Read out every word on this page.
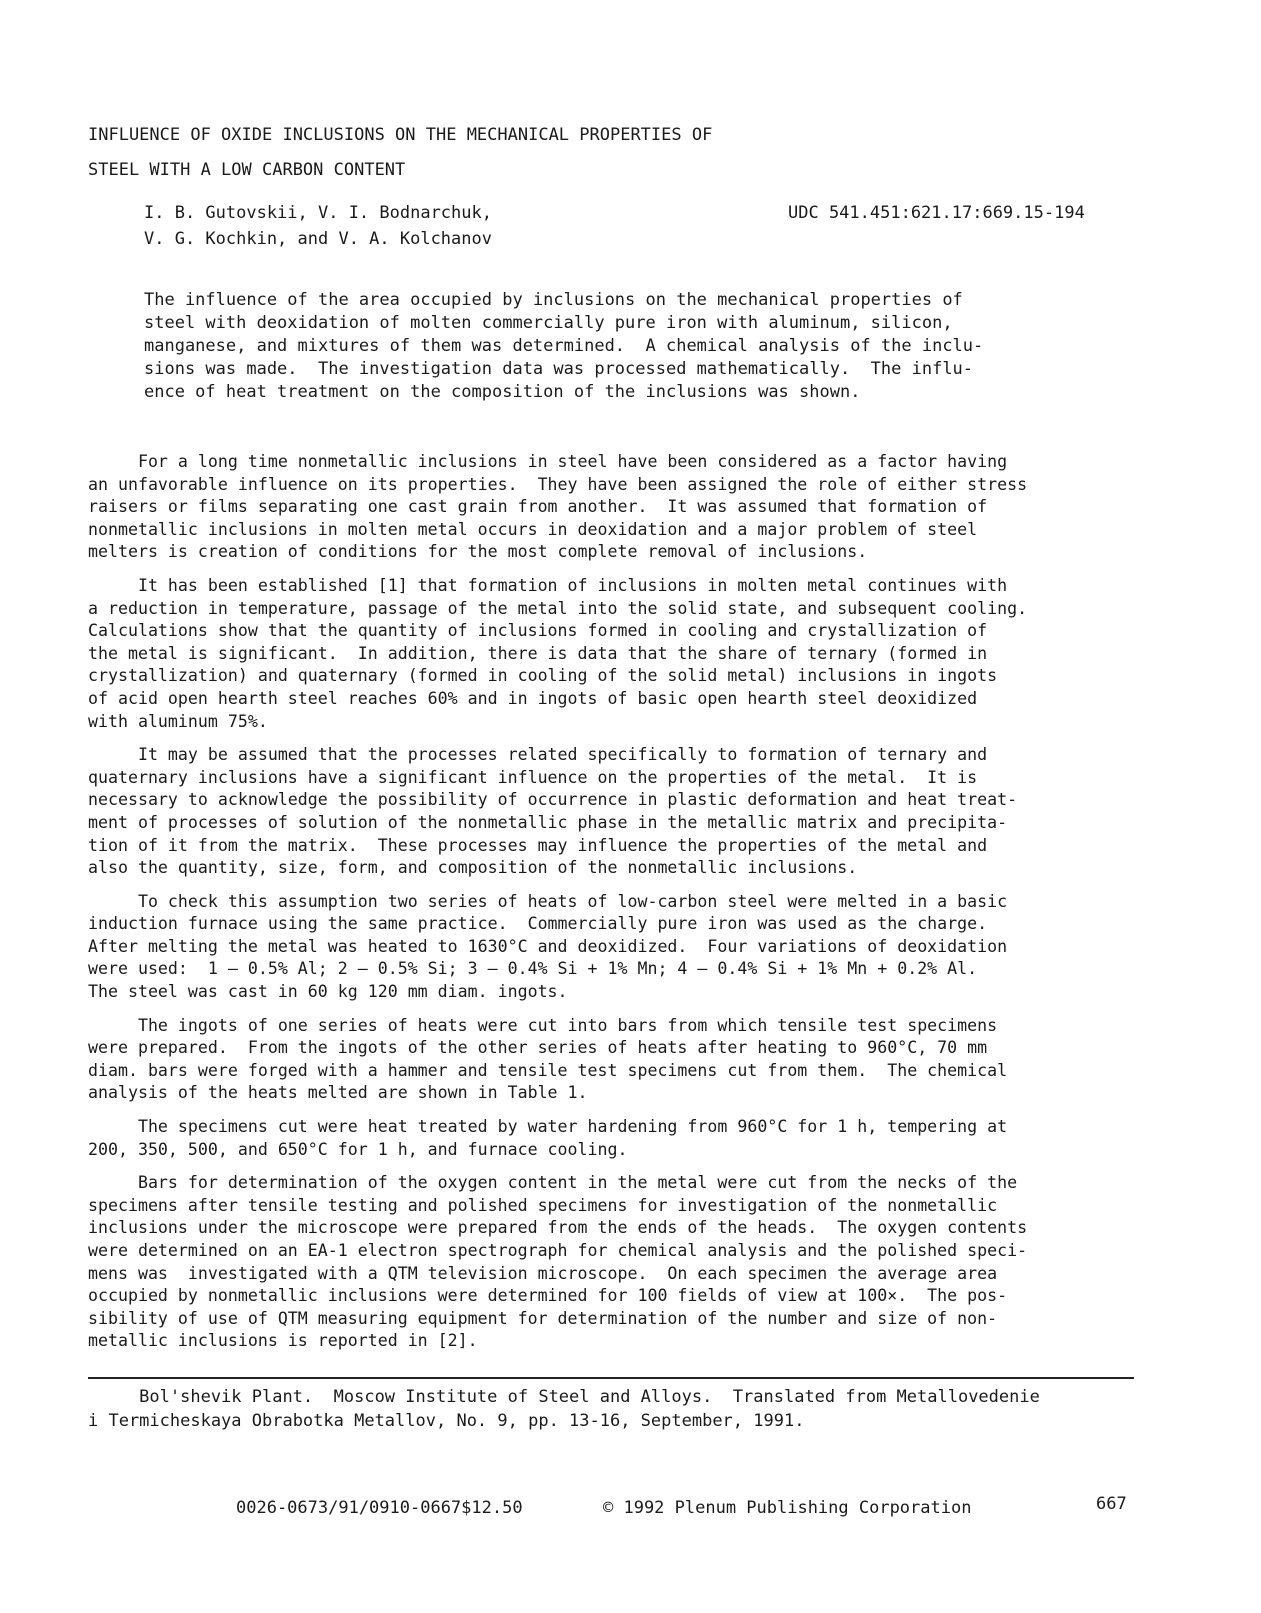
INFLUENCE OF OXIDE INCLUSIONS ON THE MECHANICAL PROPERTIES OF
STEEL WITH A LOW CARBON CONTENT
I. B. Gutovskii, V. I. Bodnarchuk,
V. G. Kochkin, and V. A. Kolchanov
UDC 541.451:621.17:669.15-194
The influence of the area occupied by inclusions on the mechanical properties of
steel with deoxidation of molten commercially pure iron with aluminum, silicon,
manganese, and mixtures of them was determined.  A chemical analysis of the inclu-
sions was made.  The investigation data was processed mathematically.  The influ-
ence of heat treatment on the composition of the inclusions was shown.
For a long time nonmetallic inclusions in steel have been considered as a factor having
an unfavorable influence on its properties.  They have been assigned the role of either stress
raisers or films separating one cast grain from another.  It was assumed that formation of
nonmetallic inclusions in molten metal occurs in deoxidation and a major problem of steel
melters is creation of conditions for the most complete removal of inclusions.
It has been established [1] that formation of inclusions in molten metal continues with
a reduction in temperature, passage of the metal into the solid state, and subsequent cooling.
Calculations show that the quantity of inclusions formed in cooling and crystallization of
the metal is significant.  In addition, there is data that the share of ternary (formed in
crystallization) and quaternary (formed in cooling of the solid metal) inclusions in ingots
of acid open hearth steel reaches 60% and in ingots of basic open hearth steel deoxidized
with aluminum 75%.
It may be assumed that the processes related specifically to formation of ternary and
quaternary inclusions have a significant influence on the properties of the metal.  It is
necessary to acknowledge the possibility of occurrence in plastic deformation and heat treat-
ment of processes of solution of the nonmetallic phase in the metallic matrix and precipita-
tion of it from the matrix.  These processes may influence the properties of the metal and
also the quantity, size, form, and composition of the nonmetallic inclusions.
To check this assumption two series of heats of low-carbon steel were melted in a basic
induction furnace using the same practice.  Commercially pure iron was used as the charge.
After melting the metal was heated to 1630°C and deoxidized.  Four variations of deoxidation
were used:  1 — 0.5% Al; 2 — 0.5% Si; 3 — 0.4% Si + 1% Mn; 4 — 0.4% Si + 1% Mn + 0.2% Al.
The steel was cast in 60 kg 120 mm diam. ingots.
The ingots of one series of heats were cut into bars from which tensile test specimens
were prepared.  From the ingots of the other series of heats after heating to 960°C, 70 mm
diam. bars were forged with a hammer and tensile test specimens cut from them.  The chemical
analysis of the heats melted are shown in Table 1.
The specimens cut were heat treated by water hardening from 960°C for 1 h, tempering at
200, 350, 500, and 650°C for 1 h, and furnace cooling.
Bars for determination of the oxygen content in the metal were cut from the necks of the
specimens after tensile testing and polished specimens for investigation of the nonmetallic
inclusions under the microscope were prepared from the ends of the heads.  The oxygen contents
were determined on an EA-1 electron spectrograph for chemical analysis and the polished speci-
mens was  investigated with a QTM television microscope.  On each specimen the average area
occupied by nonmetallic inclusions were determined for 100 fields of view at 100×.  The pos-
sibility of use of QTM measuring equipment for determination of the number and size of non-
metallic inclusions is reported in [2].
Bol'shevik Plant.  Moscow Institute of Steel and Alloys.  Translated from Metallovedenie
i Termicheskaya Obrabotka Metallov, No. 9, pp. 13-16, September, 1991.
0026-0673/91/0910-0667$12.50	© 1992 Plenum Publishing Corporation	667
